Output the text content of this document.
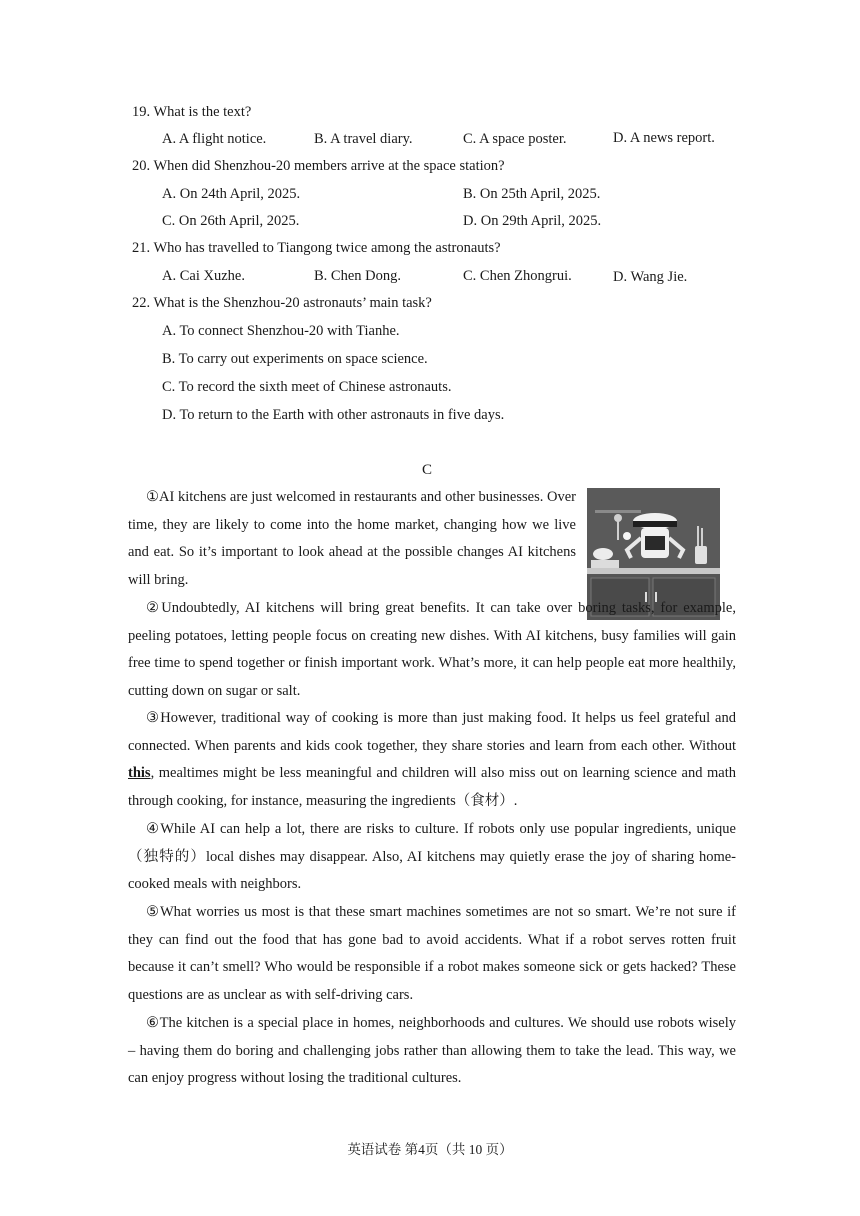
19. What is the text?
A. A flight notice.	B. A travel diary.	C. A space poster.	D. A news report.
20. When did Shenzhou-20 members arrive at the space station?
A. On 24th April, 2025.	B. On 25th April, 2025.
C. On 26th April, 2025.	D. On 29th April, 2025.
21. Who has travelled to Tiangong twice among the astronauts?
A. Cai Xuzhe.	B. Chen Dong.	C. Chen Zhongrui.	D. Wang Jie.
22. What is the Shenzhou-20 astronauts’ main task?
A. To connect Shenzhou-20 with Tianhe.
B. To carry out experiments on space science.
C. To record the sixth meet of Chinese astronauts.
D. To return to the Earth with other astronauts in five days.
C
①AI kitchens are just welcomed in restaurants and other businesses. Over time, they are likely to come into the home market, changing how we live and eat. So it’s important to look ahead at the possible changes AI kitchens will bring.
②Undoubtedly, AI kitchens will bring great benefits. It can take over boring tasks, for example, peeling potatoes, letting people focus on creating new dishes. With AI kitchens, busy families will gain free time to spend together or finish important work. What’s more, it can help people eat more healthily, cutting down on sugar or salt.
③However, traditional way of cooking is more than just making food. It helps us feel grateful and connected. When parents and kids cook together, they share stories and learn from each other. Without this, mealtimes might be less meaningful and children will also miss out on learning science and math through cooking, for instance, measuring the ingredients（食材）.
④While AI can help a lot, there are risks to culture. If robots only use popular ingredients, unique（独特的）local dishes may disappear. Also, AI kitchens may quietly erase the joy of sharing home-cooked meals with neighbors.
⑤What worries us most is that these smart machines sometimes are not so smart. We’re not sure if they can find out the food that has gone bad to avoid accidents. What if a robot serves rotten fruit because it can’t smell? Who would be responsible if a robot makes someone sick or gets hacked? These questions are as unclear as with self-driving cars.
⑥The kitchen is a special place in homes, neighborhoods and cultures. We should use robots wisely – having them do boring and challenging jobs rather than allowing them to take the lead. This way, we can enjoy progress without losing the traditional cultures.
英语试卷 第4页（共 10 页）
